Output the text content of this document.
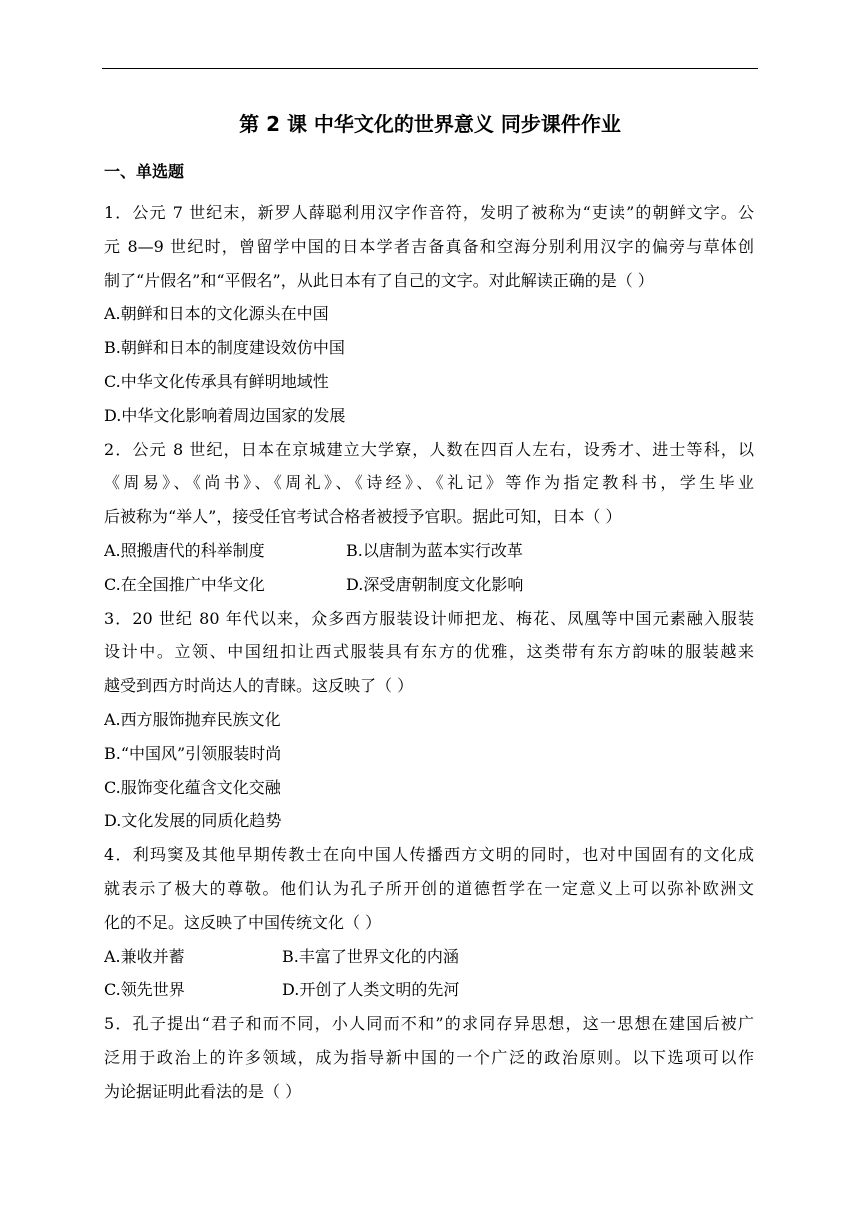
第 2 课 中华文化的世界意义 同步课件作业
一、单选题
1．公元 7 世纪末，新罗人薛聪利用汉字作音符，发明了被称为“吏读”的朝鲜文字。公
元 8—9 世纪时，曾留学中国的日本学者吉备真备和空海分别利用汉字的偏旁与草体创
制了“片假名”和“平假名”，从此日本有了自己的文字。对此解读正确的是（ ）
A.朝鲜和日本的文化源头在中国
B.朝鲜和日本的制度建设效仿中国
C.中华文化传承具有鲜明地域性
D.中华文化影响着周边国家的发展
2．公元 8 世纪，日本在京城建立大学寮，人数在四百人左右，设秀才、进士等科，以
《周易》、《尚书》、《周礼》、《诗经》、《礼记》等作为指定教科书，学生毕业
后被称为“举人”，接受任官考试合格者被授予官职。据此可知，日本（ ）
A.照搬唐代的科举制度	B.以唐制为蓝本实行改革
C.在全国推广中华文化	D.深受唐朝制度文化影响
3．20 世纪 80 年代以来，众多西方服装设计师把龙、梅花、凤凰等中国元素融入服装
设计中。立领、中国纽扣让西式服装具有东方的优雅，这类带有东方韵味的服装越来
越受到西方时尚达人的青睐。这反映了（ ）
A.西方服饰抛弃民族文化
B.“中国风”引领服装时尚
C.服饰变化蕴含文化交融
D.文化发展的同质化趋势
4．利玛窦及其他早期传教士在向中国人传播西方文明的同时，也对中国固有的文化成
就表示了极大的尊敬。他们认为孔子所开创的道德哲学在一定意义上可以弥补欧洲文
化的不足。这反映了中国传统文化（ ）
A.兼收并蓄	B.丰富了世界文化的内涵
C.领先世界	D.开创了人类文明的先河
5．孔子提出“君子和而不同，小人同而不和”的求同存异思想，这一思想在建国后被广
泛用于政治上的许多领域，成为指导新中国的一个广泛的政治原则。以下选项可以作
为论据证明此看法的是（ ）
